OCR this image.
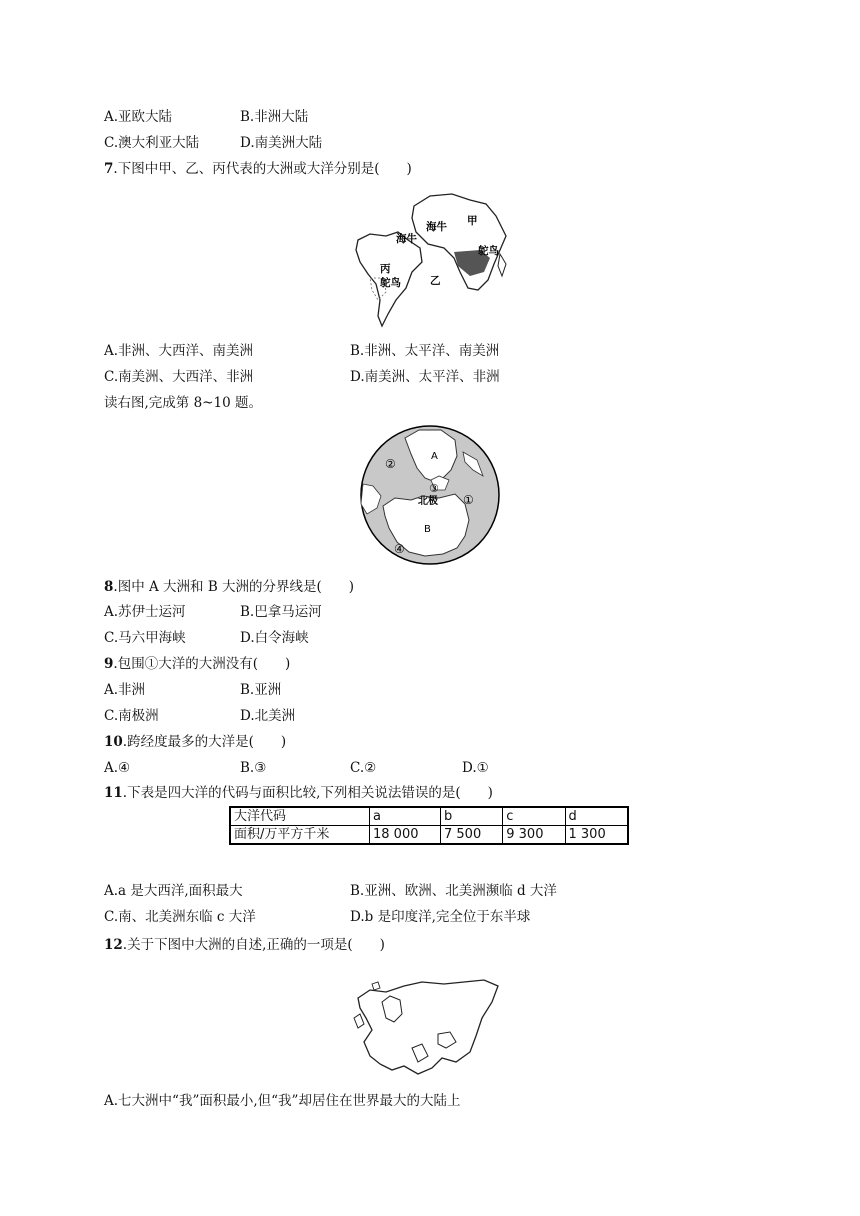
A.亚欧大陆	B.非洲大陆
C.澳大利亚大陆	D.南美洲大陆
7.下图中甲、乙、丙代表的大洲或大洋分别是(　　)
海牛 甲
海牛
鸵鸟
丙
鸵鸟	乙
A.非洲、大西洋、南美洲	B.非洲、太平洋、南美洲
C.南美洲、大西洋、非洲	D.南美洲、太平洋、非洲
读右图,完成第 8~10 题。
A
②
③
北极 ①
B
④
8.图中 A 大洲和 B 大洲的分界线是(　　)
A.苏伊士运河	B.巴拿马运河
C.马六甲海峡	D.白令海峡
9.包围①大洋的大洲没有(　　)
A.非洲	B.亚洲
C.南极洲	D.北美洲
10.跨经度最多的大洋是(　　)
A.④	B.③	C.②	D.①
11.下表是四大洋的代码与面积比较,下列相关说法错误的是(　　)
大洋代码	a	b	c	d
面积/万平方千米	18 000	7 500	9 300	1 300
A.a 是大西洋,面积最大	B.亚洲、欧洲、北美洲濒临 d 大洋
C.南、北美洲东临 c 大洋	D.b 是印度洋,完全位于东半球
12.关于下图中大洲的自述,正确的一项是(　　)
A.七大洲中“我”面积最小,但“我”却居住在世界最大的大陆上
